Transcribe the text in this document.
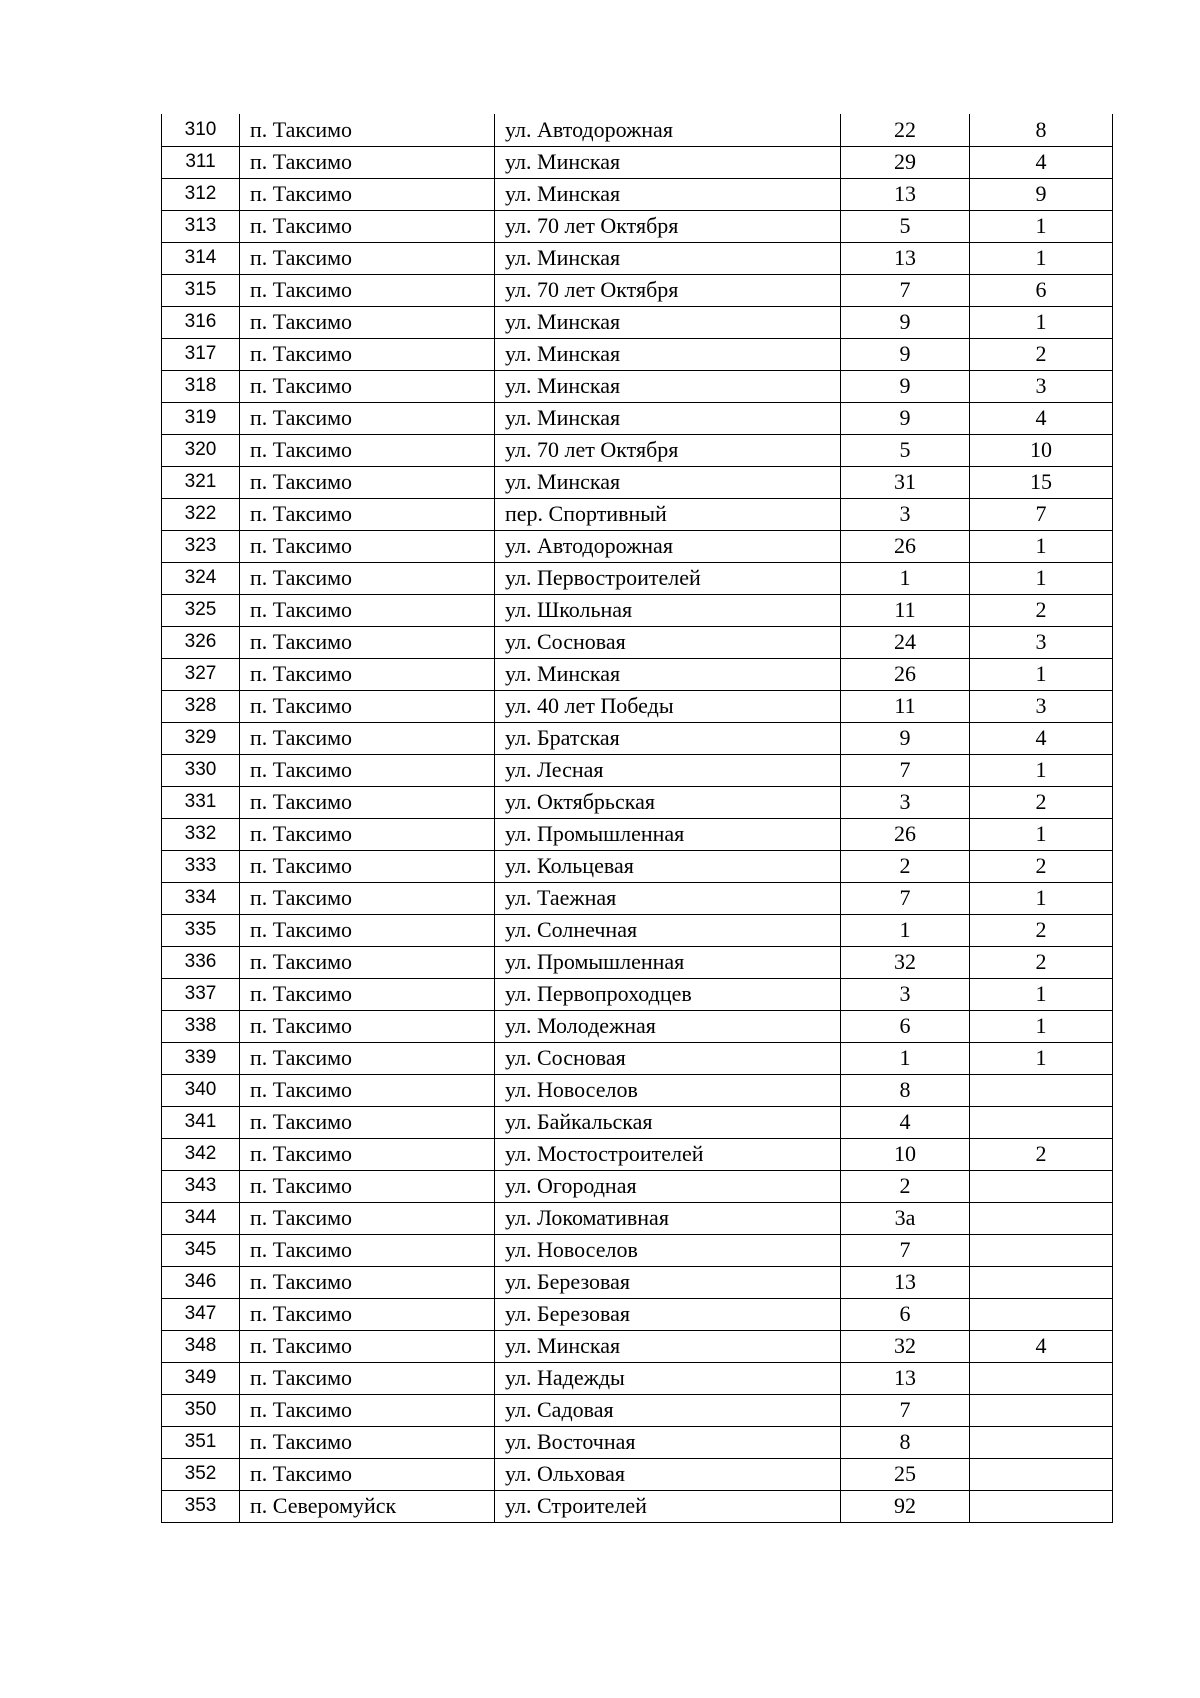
310	п. Таксимо	ул. Автодорожная	22	8
311	п. Таксимо	ул. Минская	29	4
312	п. Таксимо	ул. Минская	13	9
313	п. Таксимо	ул. 70 лет Октября	5	1
314	п. Таксимо	ул. Минская	13	1
315	п. Таксимо	ул. 70 лет Октября	7	6
316	п. Таксимо	ул. Минская	9	1
317	п. Таксимо	ул. Минская	9	2
318	п. Таксимо	ул. Минская	9	3
319	п. Таксимо	ул. Минская	9	4
320	п. Таксимо	ул. 70 лет Октября	5	10
321	п. Таксимо	ул. Минская	31	15
322	п. Таксимо	пер. Спортивный	3	7
323	п. Таксимо	ул. Автодорожная	26	1
324	п. Таксимо	ул. Первостроителей	1	1
325	п. Таксимо	ул. Школьная	11	2
326	п. Таксимо	ул. Сосновая	24	3
327	п. Таксимо	ул. Минская	26	1
328	п. Таксимо	ул. 40 лет Победы	11	3
329	п. Таксимо	ул. Братская	9	4
330	п. Таксимо	ул. Лесная	7	1
331	п. Таксимо	ул. Октябрьская	3	2
332	п. Таксимо	ул. Промышленная	26	1
333	п. Таксимо	ул. Кольцевая	2	2
334	п. Таксимо	ул. Таежная	7	1
335	п. Таксимо	ул. Солнечная	1	2
336	п. Таксимо	ул. Промышленная	32	2
337	п. Таксимо	ул. Первопроходцев	3	1
338	п. Таксимо	ул. Молодежная	6	1
339	п. Таксимо	ул. Сосновая	1	1
340	п. Таксимо	ул. Новоселов	8	
341	п. Таксимо	ул. Байкальская	4	
342	п. Таксимо	ул. Мостостроителей	10	2
343	п. Таксимо	ул. Огородная	2	
344	п. Таксимо	ул. Локомативная	3а	
345	п. Таксимо	ул. Новоселов	7	
346	п. Таксимо	ул. Березовая	13	
347	п. Таксимо	ул. Березовая	6	
348	п. Таксимо	ул. Минская	32	4
349	п. Таксимо	ул. Надежды	13	
350	п. Таксимо	ул. Садовая	7	
351	п. Таксимо	ул. Восточная	8	
352	п. Таксимо	ул. Ольховая	25	
353	п. Северомуйск	ул. Строителей	92	
